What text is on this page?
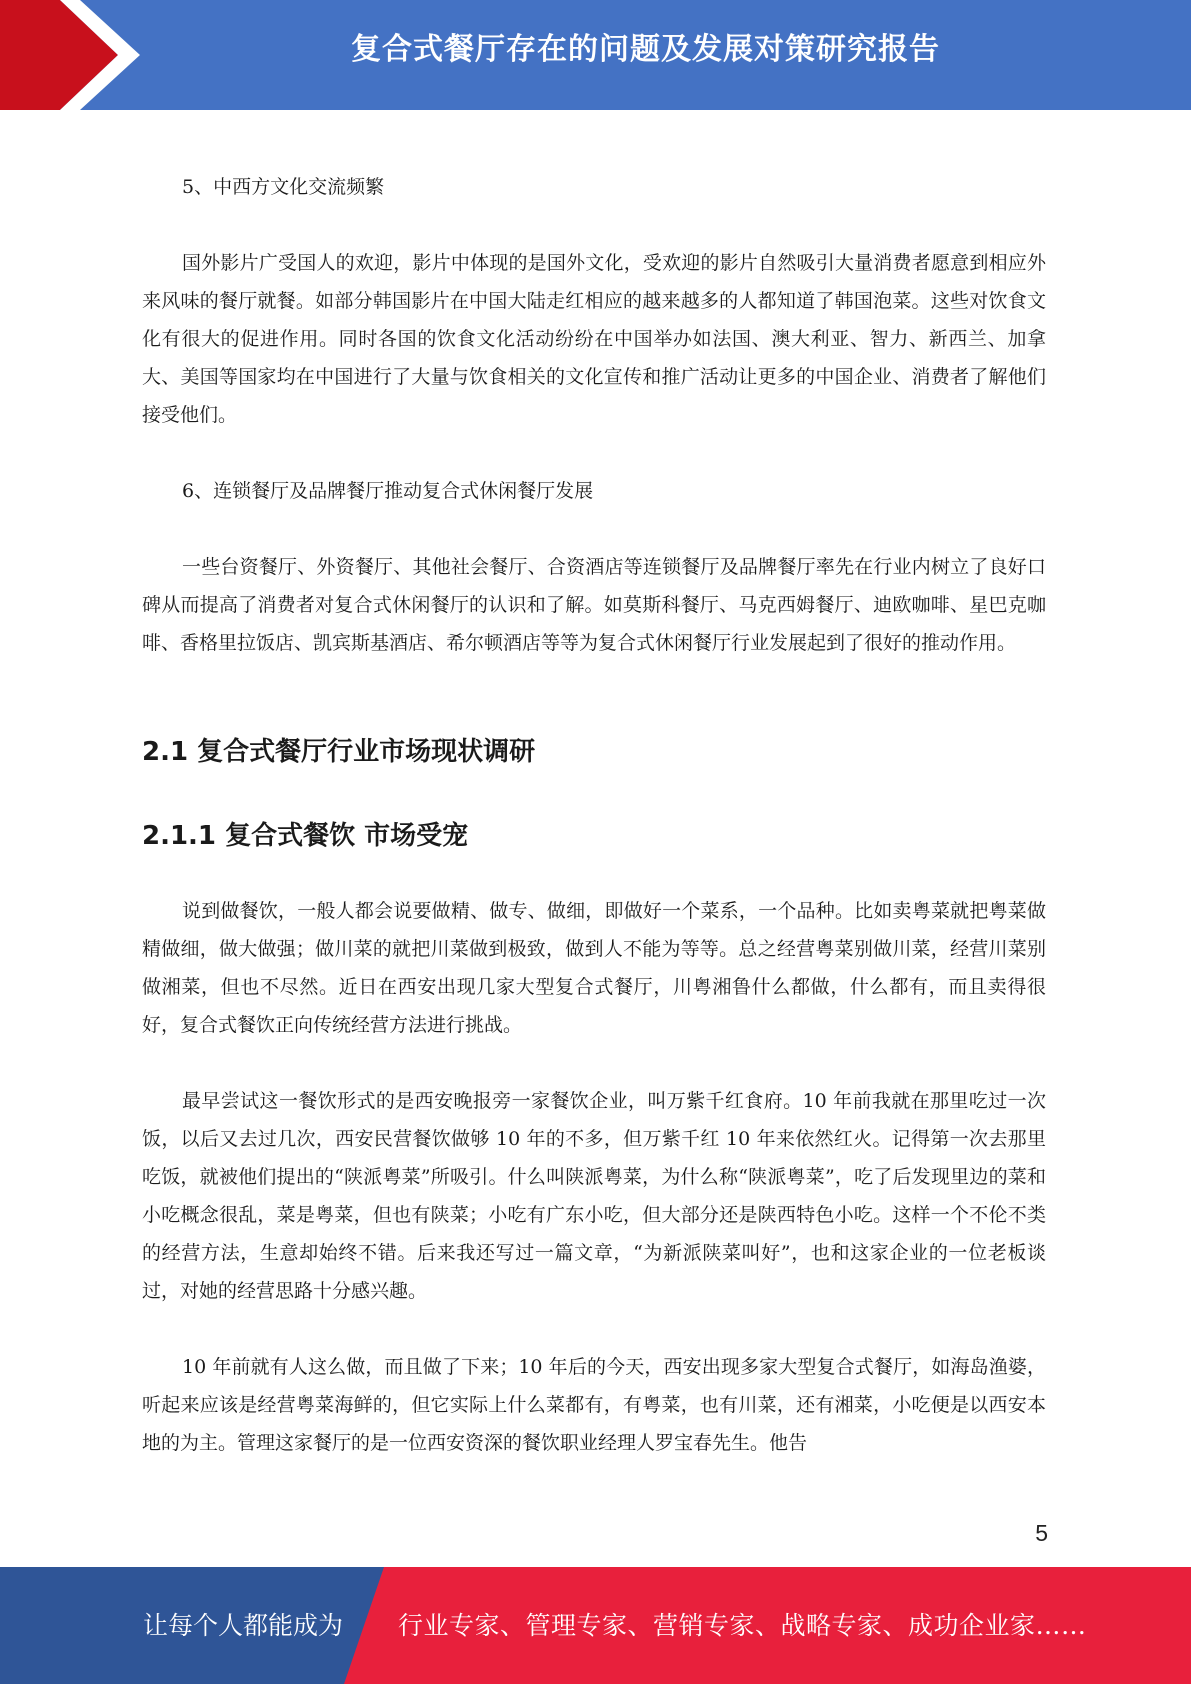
复合式餐厅存在的问题及发展对策研究报告

5、中西方文化交流频繁

国外影片广受国人的欢迎，影片中体现的是国外文化，受欢迎的影片自然吸引大量消费者愿意到相应外来风味的餐厅就餐。如部分韩国影片在中国大陆走红相应的越来越多的人都知道了韩国泡菜。这些对饮食文化有很大的促进作用。同时各国的饮食文化活动纷纷在中国举办如法国、澳大利亚、智力、新西兰、加拿大、美国等国家均在中国进行了大量与饮食相关的文化宣传和推广活动让更多的中国企业、消费者了解他们接受他们。

6、连锁餐厅及品牌餐厅推动复合式休闲餐厅发展

一些台资餐厅、外资餐厅、其他社会餐厅、合资酒店等连锁餐厅及品牌餐厅率先在行业内树立了良好口碑从而提高了消费者对复合式休闲餐厅的认识和了解。如莫斯科餐厅、马克西姆餐厅、迪欧咖啡、星巴克咖啡、香格里拉饭店、凯宾斯基酒店、希尔顿酒店等等为复合式休闲餐厅行业发展起到了很好的推动作用。

2.1 复合式餐厅行业市场现状调研
2.1.1 复合式餐饮 市场受宠

说到做餐饮，一般人都会说要做精、做专、做细，即做好一个菜系，一个品种。比如卖粤菜就把粤菜做精做细，做大做强；做川菜的就把川菜做到极致，做到人不能为等等。总之经营粤菜别做川菜，经营川菜别做湘菜，但也不尽然。近日在西安出现几家大型复合式餐厅，川粤湘鲁什么都做，什么都有，而且卖得很好，复合式餐饮正向传统经营方法进行挑战。

最早尝试这一餐饮形式的是西安晚报旁一家餐饮企业，叫万紫千红食府。10 年前我就在那里吃过一次饭，以后又去过几次，西安民营餐饮做够 10 年的不多，但万紫千红 10 年来依然红火。记得第一次去那里吃饭，就被他们提出的“陕派粤菜”所吸引。什么叫陕派粤菜，为什么称“陕派粤菜”，吃了后发现里边的菜和小吃概念很乱，菜是粤菜，但也有陕菜；小吃有广东小吃，但大部分还是陕西特色小吃。这样一个不伦不类的经营方法，生意却始终不错。后来我还写过一篇文章，“为新派陕菜叫好”，也和这家企业的一位老板谈过，对她的经营思路十分感兴趣。

10 年前就有人这么做，而且做了下来；10 年后的今天，西安出现多家大型复合式餐厅，如海岛渔婆，听起来应该是经营粤菜海鲜的，但它实际上什么菜都有，有粤菜，也有川菜，还有湘菜，小吃便是以西安本地的为主。管理这家餐厅的是一位西安资深的餐饮职业经理人罗宝春先生。他告

5
让每个人都能成为 行业专家、管理专家、营销专家、战略专家、成功企业家……
